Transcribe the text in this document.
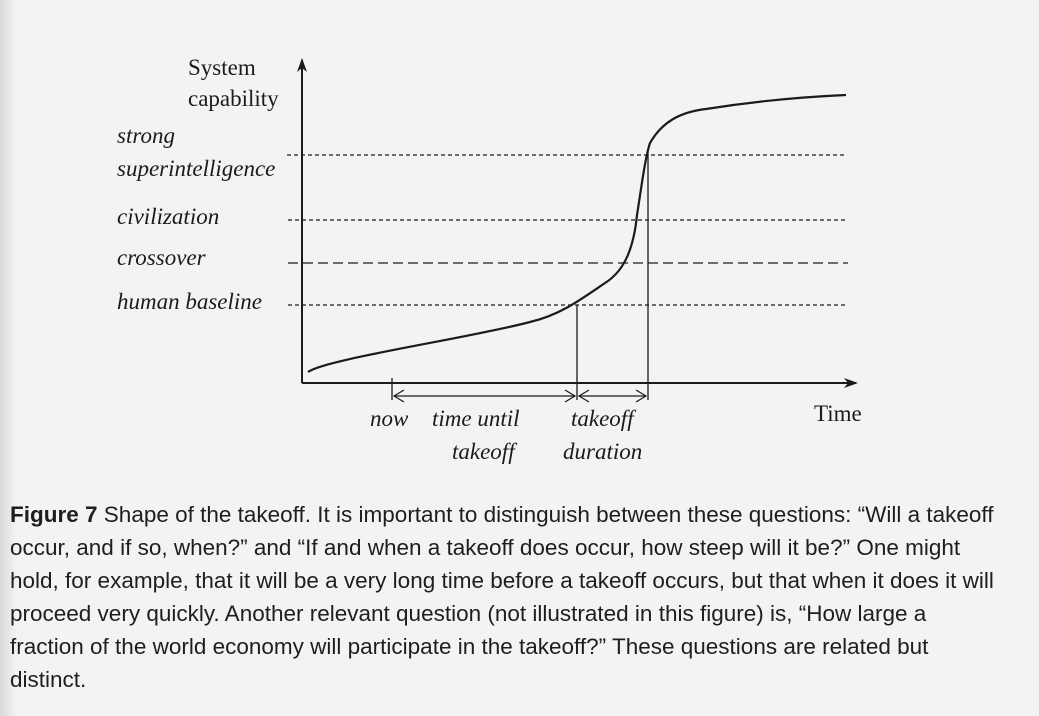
System
capability
Time
strong
superintelligence
civilization
crossover
human baseline
now time until
takeoff
takeoff
duration

Figure 7 Shape of the takeoff. It is important to distinguish between these questions: “Will a takeoff occur, and if so, when?” and “If and when a takeoff does occur, how steep will it be?” One might hold, for example, that it will be a very long time before a takeoff occurs, but that when it does it will proceed very quickly. Another relevant question (not illustrated in this figure) is, “How large a fraction of the world economy will participate in the takeoff?” These questions are related but distinct.
